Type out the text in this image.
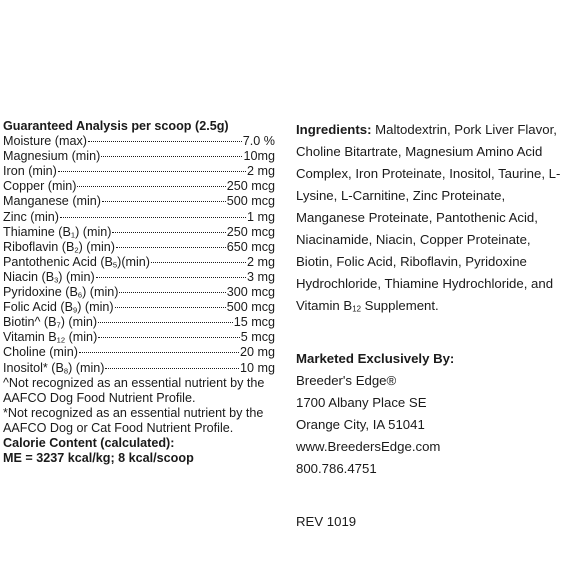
Guaranteed Analysis per scoop (2.5g)
Moisture (max)	7.0 %
Magnesium (min)	10mg
Iron (min)	2 mg
Copper (min)	250 mcg
Manganese (min)	500 mcg
Zinc (min)	1 mg
Thiamine $(B_1)$ (min)	250 mcg
Riboflavin $(B_2)$ (min)	650 mcg
Pantothenic Acid $(B_5)(\min)$	2 mg
Niacin $(B_3)$ (min)	3 mg
Pyridoxine $(B_6)$ (min)	300 mcg
Folic Acid $(B_9)$ (min)	500 mcg
Biotin^ $(B_7)$ (min)	15 mcg
Vitamin $B_{12}$ (min)	5 mcg
Choline (min)	20 mg
Inositol* $(B_8)$ (min)	10 mg
^Not recognized as an essential nutrient by the
AAFCO Dog Food Nutrient Profile.
*Not recognized as an essential nutrient by the
AAFCO Dog or Cat Food Nutrient Profile.
Calorie Content (calculated):
ME = 3237 kcal/kg; 8 kcal/scoop
Ingredients: Maltodextrin, Pork Liver Flavor, Choline Bitartrate, Magnesium Amino Acid Complex, Iron Proteinate, Inositol, Taurine, L-Lysine, L-Carnitine, Zinc Proteinate, Manganese Proteinate, Pantothenic Acid, Niacinamide, Niacin, Copper Proteinate, Biotin, Folic Acid, Riboflavin, Pyridoxine Hydrochloride, Thiamine Hydrochloride, and Vitamin $B_{12}$ Supplement.
Marketed Exclusively By:
Breeder's Edge®
1700 Albany Place SE
Orange City, IA 51041
www.BreedersEdge.com
800.786.4751
REV 1019
